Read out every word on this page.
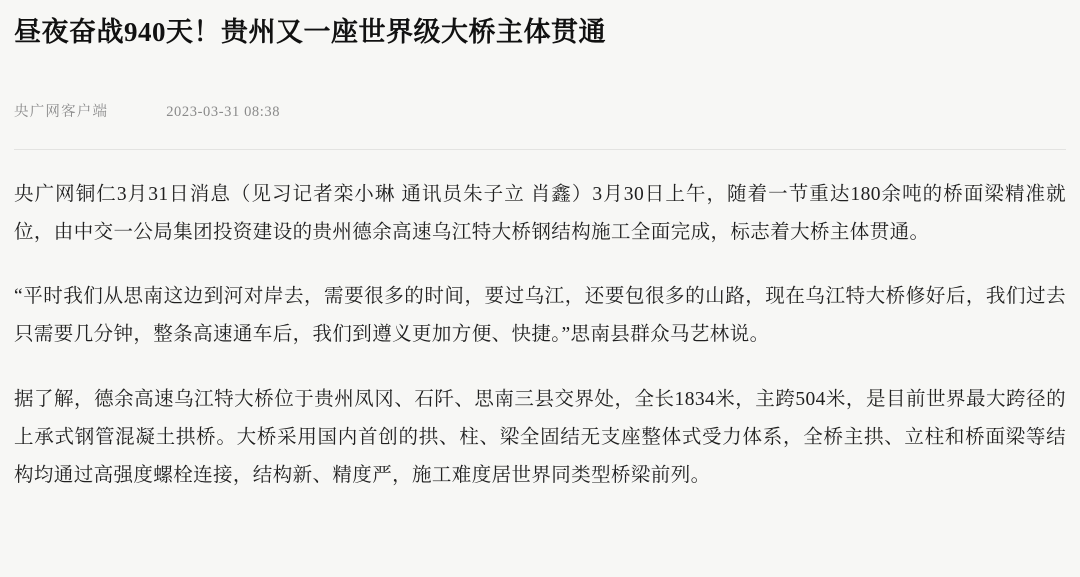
昼夜奋战940天！贵州又一座世界级大桥主体贯通
央广网客户端	2023-03-31 08:38

央广网铜仁3月31日消息（见习记者栾小琳 通讯员朱子立 肖鑫）3月30日上午，随着一节重达180余吨的桥面梁精准就位，由中交一公局集团投资建设的贵州德余高速乌江特大桥钢结构施工全面完成，标志着大桥主体贯通。

“平时我们从思南这边到河对岸去，需要很多的时间，要过乌江，还要包很多的山路，现在乌江特大桥修好后，我们过去只需要几分钟，整条高速通车后，我们到遵义更加方便、快捷。”思南县群众马艺林说。

据了解，德余高速乌江特大桥位于贵州凤冈、石阡、思南三县交界处，全长1834米，主跨504米，是目前世界最大跨径的上承式钢管混凝土拱桥。大桥采用国内首创的拱、柱、梁全固结无支座整体式受力体系，全桥主拱、立柱和桥面梁等结构均通过高强度螺栓连接，结构新、精度严，施工难度居世界同类型桥梁前列。
